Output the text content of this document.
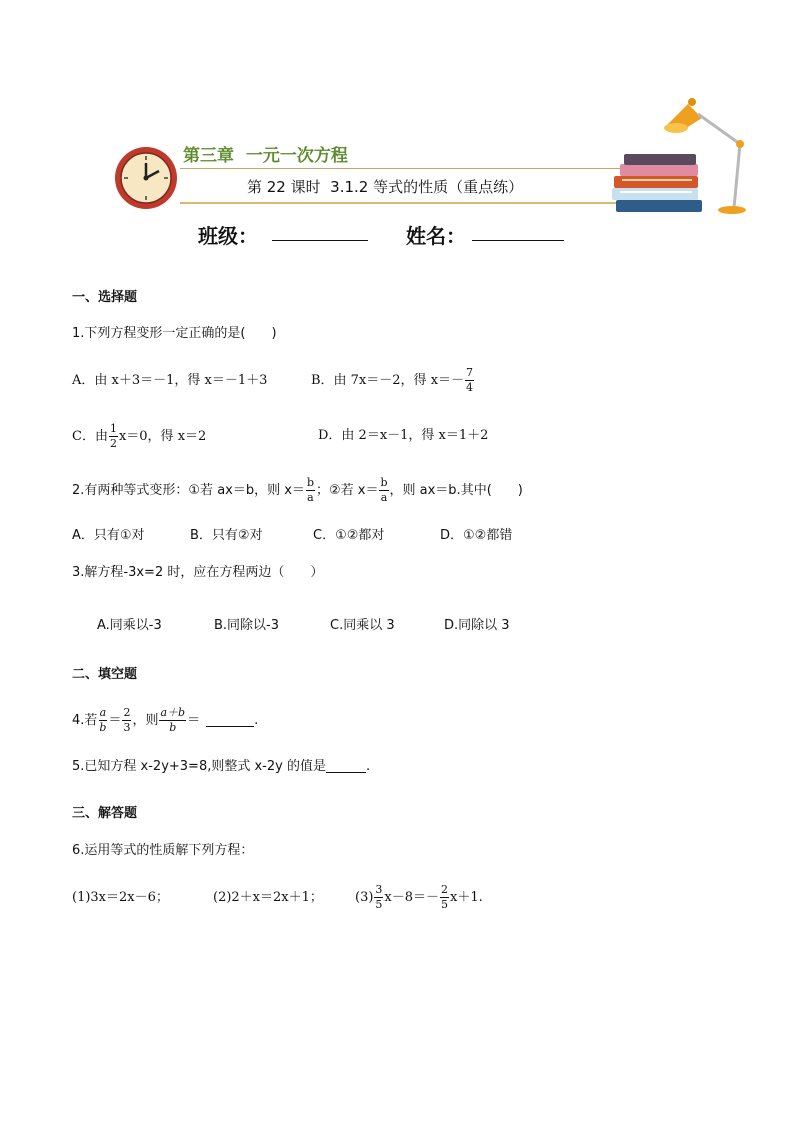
第三章  一元一次方程
第 22 课时  3.1.2 等式的性质（重点练）
班级：	姓名：
一、选择题
1.下列方程变形一定正确的是(　　)
A．由 x＋3＝－1，得 x＝－1＋3	B．由 7x＝－2，得 $x=- \frac{7}{4}$
C．由 $\frac{1}{2} x=0$，得 x＝2	D．由 2＝x－1，得 x＝1＋2
2.有两种等式变形：①若 ax＝b，则 $x= \frac{b}{a}$ ；②若 $x= \frac{b}{a}$ ，则 ax＝b.其中(　　)
A．只有①对	B．只有②对	C．①②都对	D．①②都错
3.解方程-3x=2 时，应在方程两边（　　）
A.同乘以-3	B.同除以-3	C.同乘以 3	D.同除以 3
二、填空题
4.若 $\frac{a}{b} = \frac{2}{3}$ ，则 $\frac{a+b}{b}$ ＝	.
5.已知方程 x-2y+3=8,则整式 x-2y 的值是	.
三、解答题
6.运用等式的性质解下列方程：
(1)3x＝2x－6；	(2)2＋x＝2x＋1； $(3) \frac{3}{5} x-8=- \frac{2}{5} x+1$.
